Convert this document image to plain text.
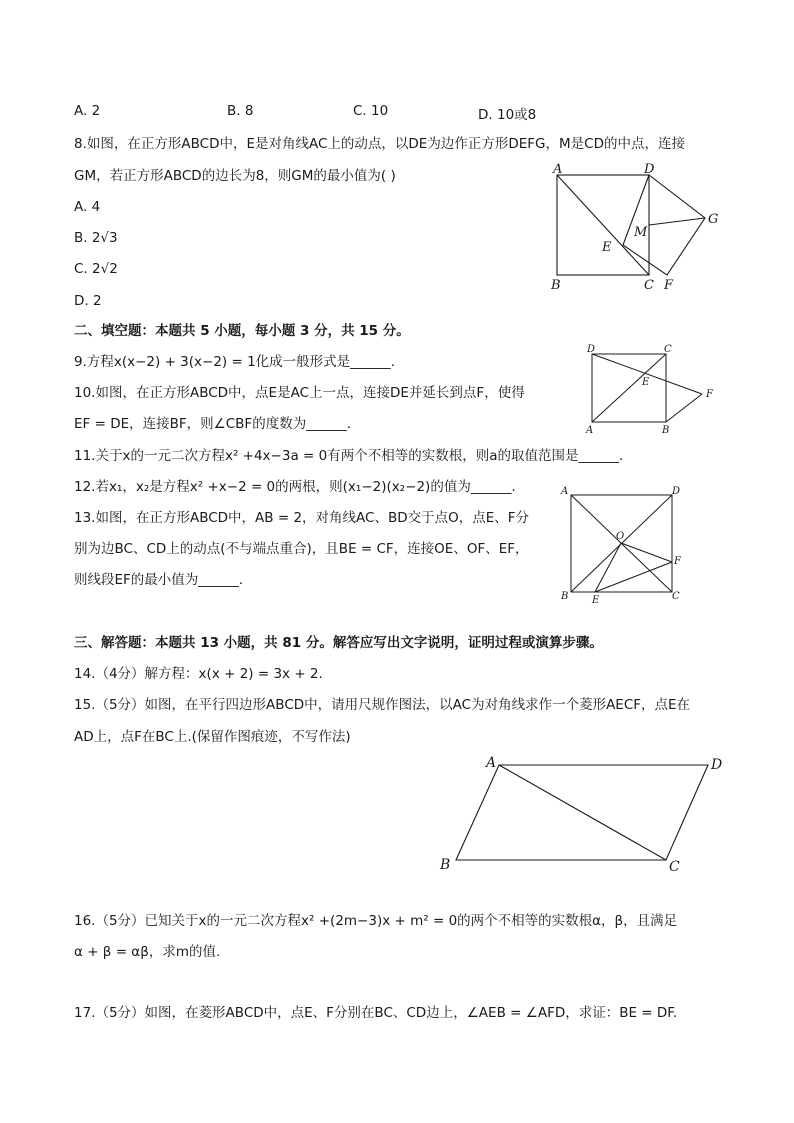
A. 2	B. 8	C. 10	D. 10或8
8.如图，在正方形ABCD中，E是对角线AC上的动点，以DE为边作正方形DEFG，M是CD的中点，连接
GM，若正方形ABCD的边长为8，则GM的最小值为( )
A. 4
B. 2√3
C. 2√2
D. 2
A	D
B	C F
G
M
E
二、填空题：本题共 5 小题，每小题 3 分，共 15 分。
9.方程x(x−2) + 3(x−2) = 1化成一般形式是______.
10.如图，在正方形ABCD中，点E是AC上一点，连接DE并延长到点F，使得
EF = DE，连接BF，则∠CBF的度数为______.
D	C
A	B
F
E
11.关于x的一元二次方程x² +4x−3a = 0有两个不相等的实数根，则a的取值范围是______.
12.若x₁，x₂是方程x² +x−2 = 0的两根，则(x₁−2)(x₂−2)的值为______.
13.如图，在正方形ABCD中，AB = 2，对角线AC、BD交于点O，点E、F分
别为边BC、CD上的动点(不与端点重合)，且BE = CF，连接OE、OF、EF，
则线段EF的最小值为______.
A	D
B	C
F
E
O
三、解答题：本题共 13 小题，共 81 分。解答应写出文字说明，证明过程或演算步骤。
14.（4分）解方程：x(x + 2) = 3x + 2.
15.（5分）如图，在平行四边形ABCD中，请用尺规作图法，以AC为对角线求作一个菱形AECF，点E在
AD上，点F在BC上.(保留作图痕迹，不写作法)
A	D
B	C
16.（5分）已知关于x的一元二次方程x² +(2m−3)x + m² = 0的两个不相等的实数根α，β，且满足
α + β = αβ，求m的值.
17.（5分）如图，在菱形ABCD中，点E、F分别在BC、CD边上，∠AEB = ∠AFD，求证：BE = DF.
